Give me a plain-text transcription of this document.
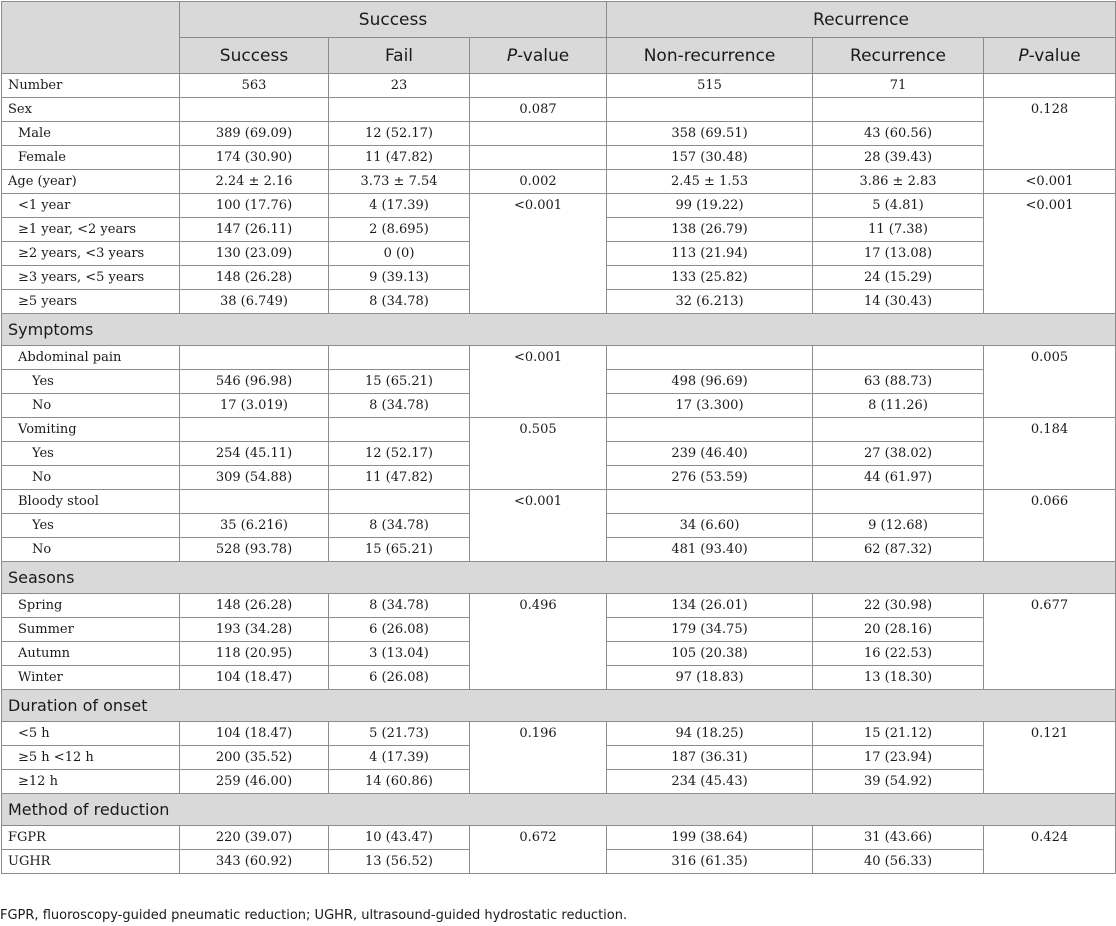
	Success			Recurrence		
	Success	Fail	P-value	Non-recurrence	Recurrence	P-value
Number	563	23		515	71	
Sex			0.087			0.128
Male	389 (69.09)	12 (52.17)		358 (69.51)	43 (60.56)	
Female	174 (30.90)	11 (47.82)		157 (30.48)	28 (39.43)	
Age (year)	2.24 ± 2.16	3.73 ± 7.54	0.002	2.45 ± 1.53	3.86 ± 2.83	<0.001
<1 year	100 (17.76)	4 (17.39)	<0.001	99 (19.22)	5 (4.81)	<0.001
≥1 year, <2 years	147 (26.11)	2 (8.695)		138 (26.79)	11 (7.38)	
≥2 years, <3 years	130 (23.09)	0 (0)		113 (21.94)	17 (13.08)	
≥3 years, <5 years	148 (26.28)	9 (39.13)		133 (25.82)	24 (15.29)	
≥5 years	38 (6.749)	8 (34.78)		32 (6.213)	14 (30.43)	
Symptoms						
Abdominal pain			<0.001			0.005
Yes	546 (96.98)	15 (65.21)		498 (96.69)	63 (88.73)	
No	17 (3.019)	8 (34.78)		17 (3.300)	8 (11.26)	
Vomiting			0.505			0.184
Yes	254 (45.11)	12 (52.17)		239 (46.40)	27 (38.02)	
No	309 (54.88)	11 (47.82)		276 (53.59)	44 (61.97)	
Bloody stool			<0.001			0.066
Yes	35 (6.216)	8 (34.78)		34 (6.60)	9 (12.68)	
No	528 (93.78)	15 (65.21)		481 (93.40)	62 (87.32)	
Seasons						
Spring	148 (26.28)	8 (34.78)	0.496	134 (26.01)	22 (30.98)	0.677
Summer	193 (34.28)	6 (26.08)		179 (34.75)	20 (28.16)	
Autumn	118 (20.95)	3 (13.04)		105 (20.38)	16 (22.53)	
Winter	104 (18.47)	6 (26.08)		97 (18.83)	13 (18.30)	
Duration of onset						
<5 h	104 (18.47)	5 (21.73)	0.196	94 (18.25)	15 (21.12)	0.121
≥5 h <12 h	200 (35.52)	4 (17.39)		187 (36.31)	17 (23.94)	
≥12 h	259 (46.00)	14 (60.86)		234 (45.43)	39 (54.92)	
Method of reduction						
FGPR	220 (39.07)	10 (43.47)	0.672	199 (38.64)	31 (43.66)	0.424
UGHR	343 (60.92)	13 (56.52)		316 (61.35)	40 (56.33)	
FGPR, fluoroscopy-guided pneumatic reduction; UGHR, ultrasound-guided hydrostatic reduction.
